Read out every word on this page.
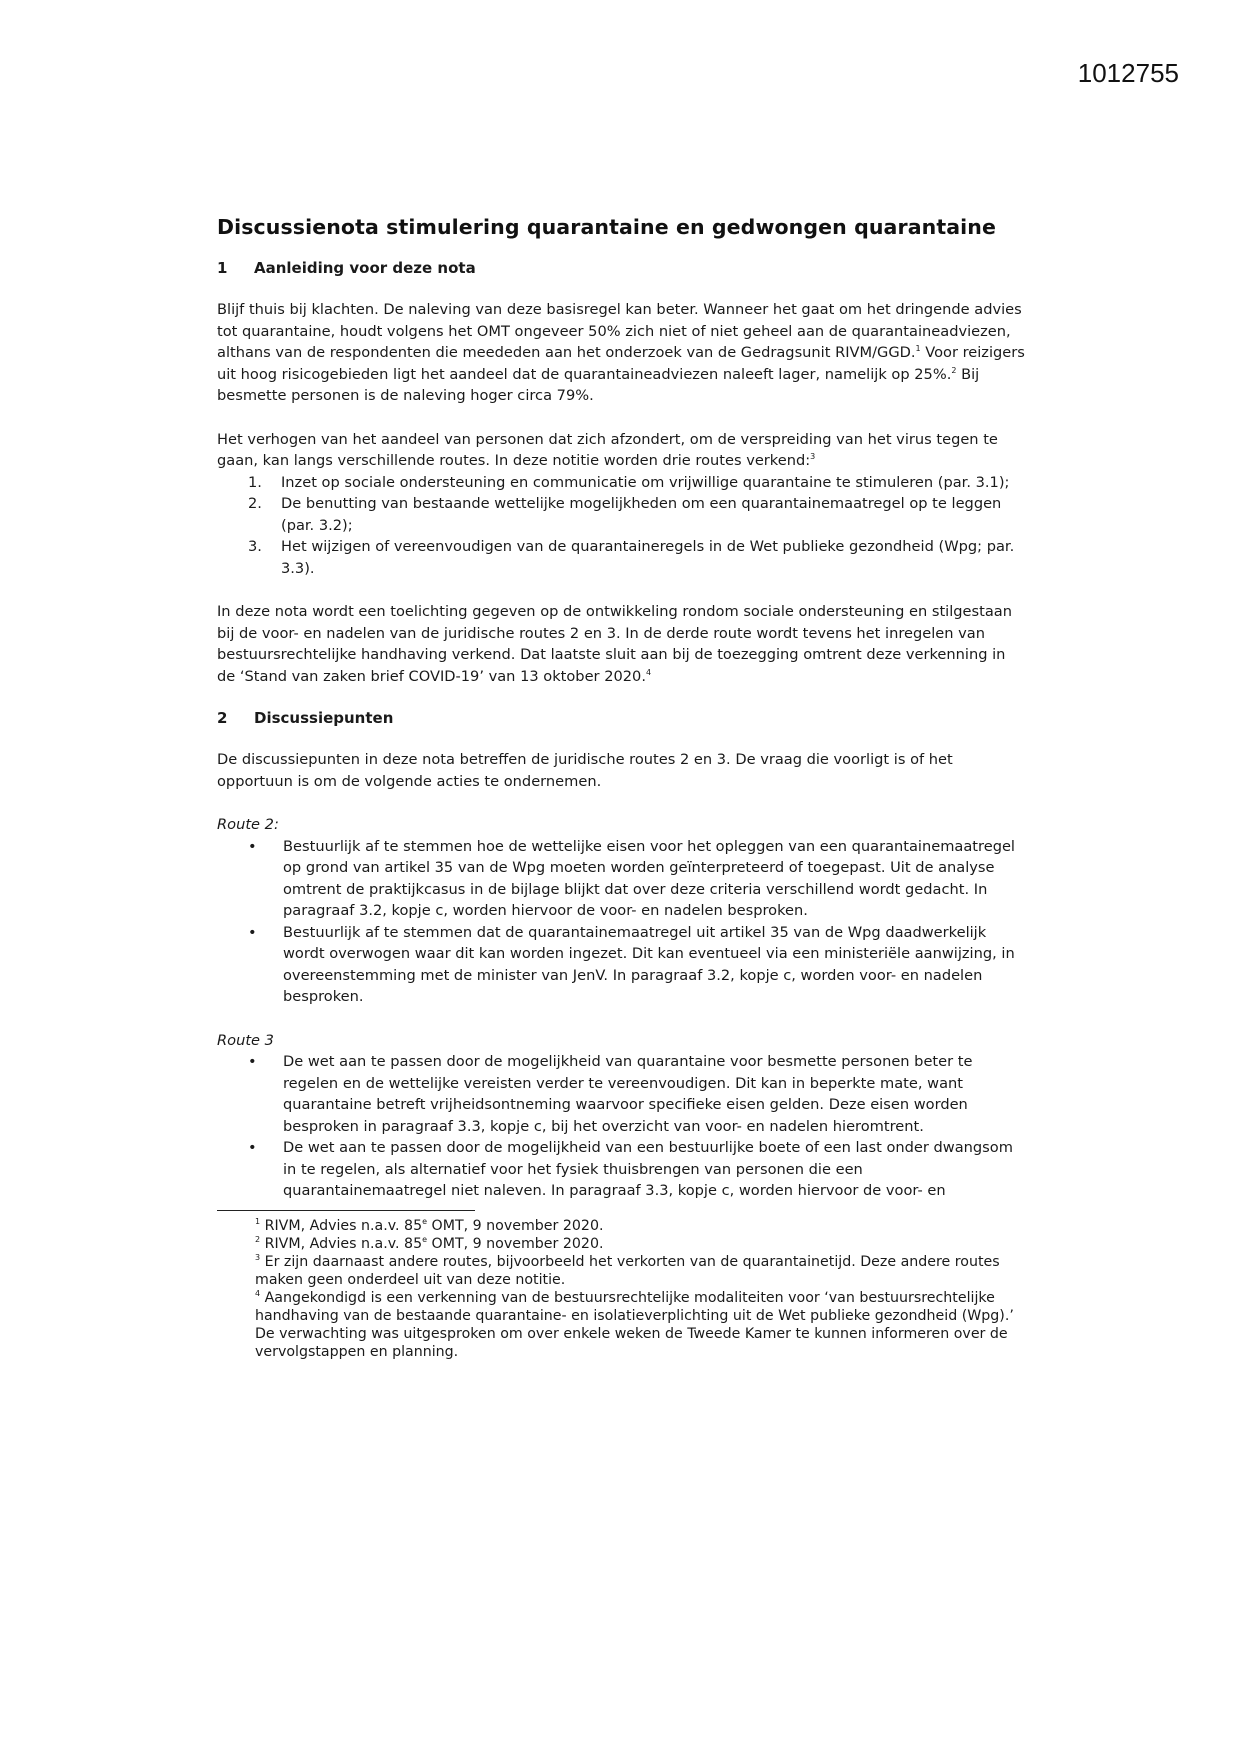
1012755
Discussienota stimulering quarantaine en gedwongen quarantaine
1	Aanleiding voor deze nota

Blijf thuis bij klachten. De naleving van deze basisregel kan beter. Wanneer het gaat om het dringende advies tot quarantaine, houdt volgens het OMT ongeveer 50% zich niet of niet geheel aan de quarantaineadviezen, althans van de respondenten die meededen aan het onderzoek van de Gedragsunit RIVM/GGD.$^1$ Voor reizigers uit hoog risicogebieden ligt het aandeel dat de quarantaineadviezen naleeft lager, namelijk op 25%.$^2$ Bij besmette personen is de naleving hoger circa 79%.

Het verhogen van het aandeel van personen dat zich afzondert, om de verspreiding van het virus tegen te gaan, kan langs verschillende routes. In deze notitie worden drie routes verkend:$^3$

1.	Inzet op sociale ondersteuning en communicatie om vrijwillige quarantaine te stimuleren (par. 3.1);
2.	De benutting van bestaande wettelijke mogelijkheden om een quarantainemaatregel op te leggen (par. 3.2);
3.	Het wijzigen of vereenvoudigen van de quarantaineregels in de Wet publieke gezondheid (Wpg; par. 3.3).

In deze nota wordt een toelichting gegeven op de ontwikkeling rondom sociale ondersteuning en stilgestaan bij de voor- en nadelen van de juridische routes 2 en 3. In de derde route wordt tevens het inregelen van bestuursrechtelijke handhaving verkend. Dat laatste sluit aan bij de toezegging omtrent deze verkenning in de ‘Stand van zaken brief COVID-19’ van 13 oktober 2020.$^4$

2	Discussiepunten

De discussiepunten in deze nota betreffen de juridische routes 2 en 3. De vraag die voorligt is of het opportuun is om de volgende acties te ondernemen.

Route 2:
•	Bestuurlijk af te stemmen hoe de wettelijke eisen voor het opleggen van een quarantainemaatregel op grond van artikel 35 van de Wpg moeten worden geïnterpreteerd of toegepast. Uit de analyse omtrent de praktijkcasus in de bijlage blijkt dat over deze criteria verschillend wordt gedacht. In paragraaf 3.2, kopje c, worden hiervoor de voor- en nadelen besproken.
•	Bestuurlijk af te stemmen dat de quarantainemaatregel uit artikel 35 van de Wpg daadwerkelijk wordt overwogen waar dit kan worden ingezet. Dit kan eventueel via een ministeriële aanwijzing, in overeenstemming met de minister van JenV. In paragraaf 3.2, kopje c, worden voor- en nadelen besproken.
Route 3
•	De wet aan te passen door de mogelijkheid van quarantaine voor besmette personen beter te regelen en de wettelijke vereisten verder te vereenvoudigen. Dit kan in beperkte mate, want quarantaine betreft vrijheidsontneming waarvoor specifieke eisen gelden. Deze eisen worden besproken in paragraaf 3.3, kopje c, bij het overzicht van voor- en nadelen hieromtrent.
•	De wet aan te passen door de mogelijkheid van een bestuurlijke boete of een last onder dwangsom in te regelen, als alternatief voor het fysiek thuisbrengen van personen die een quarantainemaatregel niet naleven. In paragraaf 3.3, kopje c, worden hiervoor de voor- en
$^1$ RIVM, Advies n.a.v. 85e OMT, 9 november 2020.
$^2$ RIVM, Advies n.a.v. 85e OMT, 9 november 2020.
$^3$ Er zijn daarnaast andere routes, bijvoorbeeld het verkorten van de quarantainetijd. Deze andere routes maken geen onderdeel uit van deze notitie.
$^4$ Aangekondigd is een verkenning van de bestuursrechtelijke modaliteiten voor ‘van bestuursrechtelijke handhaving van de bestaande quarantaine- en isolatieverplichting uit de Wet publieke gezondheid (Wpg).’ De verwachting was uitgesproken om over enkele weken de Tweede Kamer te kunnen informeren over de vervolgstappen en planning.
